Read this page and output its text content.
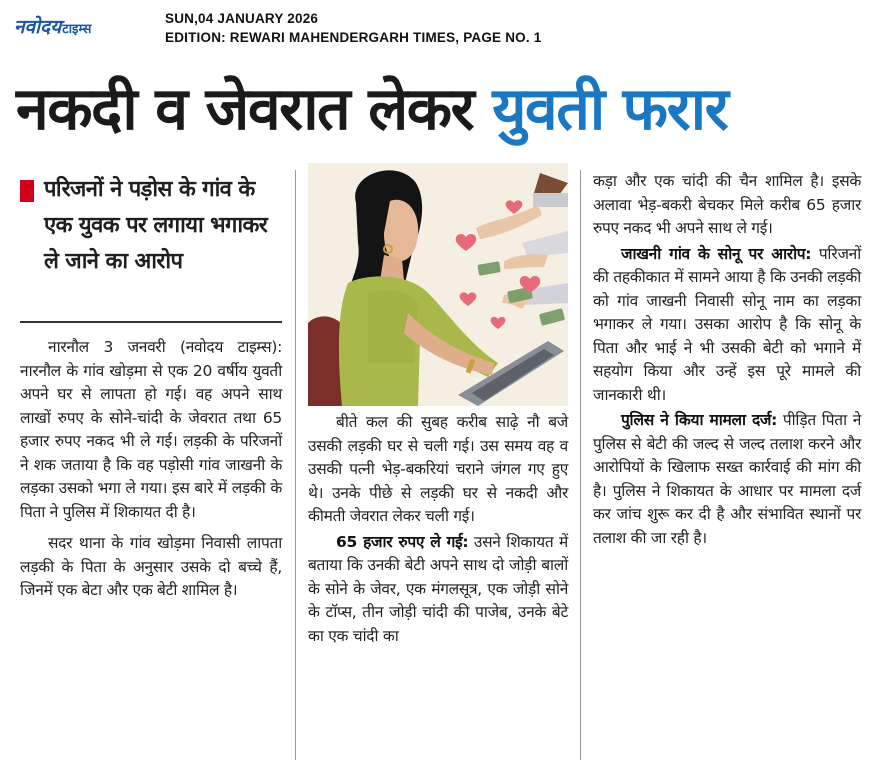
नवोदयटाइम्स
SUN,04 JANUARY 2026
EDITION: REWARI MAHENDERGARH TIMES, PAGE NO. 1
नकदी व जेवरात लेकर युवती फरार
परिजनों ने पड़ोस के गांव के एक युवक पर लगाया भगाकर ले जाने का आरोप

नारनौल 3 जनवरी (नवोदय टाइम्स): नारनौल के गांव खोड़मा से एक 20 वर्षीय युवती अपने घर से लापता हो गई। वह अपने साथ लाखों रुपए के सोने-चांदी के जेवरात तथा 65 हजार रुपए नकद भी ले गई। लड़की के परिजनों ने शक जताया है कि वह पड़ोसी गांव जाखनी के लड़का उसको भगा ले गया। इस बारे में लड़की के पिता ने पुलिस में शिकायत दी है।

सदर थाना के गांव खोड़मा निवासी लापता लड़की के पिता के अनुसार उसके दो बच्चे हैं, जिनमें एक बेटा और एक बेटी शामिल है।

बीते कल की सुबह करीब साढ़े नौ बजे उसकी लड़की घर से चली गई। उस समय वह व उसकी पत्नी भेड़-बकरियां चराने जंगल गए हुए थे। उनके पीछे से लड़की घर से नकदी और कीमती जेवरात लेकर चली गई।

65 हजार रुपए ले गई: उसने शिकायत में बताया कि उनकी बेटी अपने साथ दो जोड़ी बालों के सोने के जेवर, एक मंगलसूत्र, एक जोड़ी सोने के टॉप्स, तीन जोड़ी चांदी की पाजेब, उनके बेटे का एक चांदी का

कड़ा और एक चांदी की चैन शामिल है। इसके अलावा भेड़-बकरी बेचकर मिले करीब 65 हजार रुपए नकद भी अपने साथ ले गई।

जाखनी गांव के सोनू पर आरोप: परिजनों की तहकीकात में सामने आया है कि उनकी लड़की को गांव जाखनी निवासी सोनू नाम का लड़का भगाकर ले गया। उसका आरोप है कि सोनू के पिता और भाई ने भी उसकी बेटी को भगाने में सहयोग किया और उन्हें इस पूरे मामले की जानकारी थी।

पुलिस ने किया मामला दर्ज: पीड़ित पिता ने पुलिस से बेटी की जल्द से जल्द तलाश करने और आरोपियों के खिलाफ सख्त कार्रवाई की मांग की है। पुलिस ने शिकायत के आधार पर मामला दर्ज कर जांच शुरू कर दी है और संभावित स्थानों पर तलाश की जा रही है।
